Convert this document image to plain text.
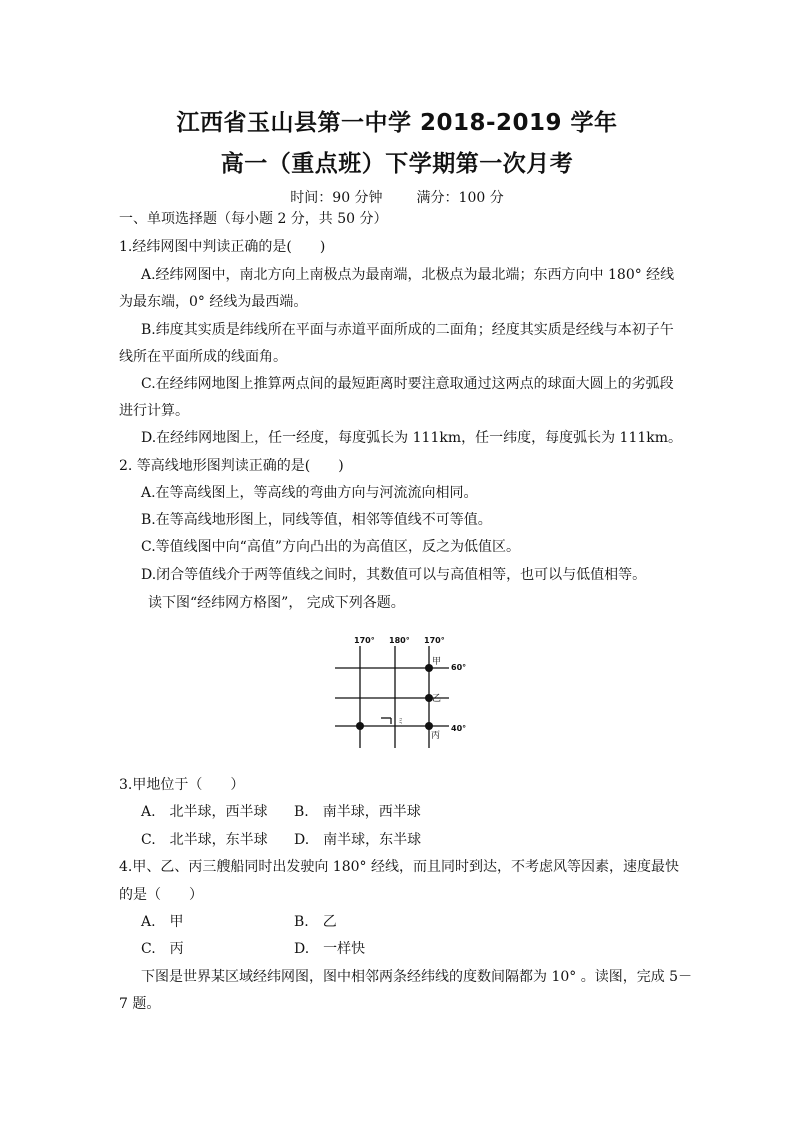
江西省玉山县第一中学 2018-2019 学年
高一（重点班）下学期第一次月考
时间：90 分钟 满分：100 分
一、单项选择题（每小题 2 分，共 50 分）
1.经纬网图中判读正确的是(　　)
A.经纬网图中，南北方向上南极点为最南端，北极点为最北端；东西方向中 180° 经线
为最东端，0° 经线为最西端。
B.纬度其实质是纬线所在平面与赤道平面所成的二面角；经度其实质是经线与本初子午
线所在平面所成的线面角。
C.在经纬网地图上推算两点间的最短距离时要注意取通过这两点的球面大圆上的劣弧段
进行计算。
D.在经纬网地图上，任一经度，每度弧长为 111km，任一纬度，每度弧长为 111km。
2. 等高线地形图判读正确的是(　　)
A.在等高线图上，等高线的弯曲方向与河流流向相同。
B.在等高线地形图上，同线等值，相邻等值线不可等值。
C.等值线图中向“高值”方向凸出的为高值区，反之为低值区。
D.闭合等值线介于两等值线之间时，其数值可以与高值相等，也可以与低值相等。
读下图“经纬网方格图”， 完成下列各题。
170° 180° 170°
60°
40°
甲
乙
丙
ミ
3.甲地位于（　　）
A.　北半球，西半球 B.　南半球，西半球
C.　北半球，东半球 D.　南半球，东半球
4.甲、乙、丙三艘船同时出发驶向 180° 经线，而且同时到达，不考虑风等因素，速度最快
的是（　　）
A.　甲	B.　乙
C.　丙	D.　一样快
下图是世界某区域经纬网图，图中相邻两条经纬线的度数间隔都为 10° 。读图，完成 5－
7 题。
